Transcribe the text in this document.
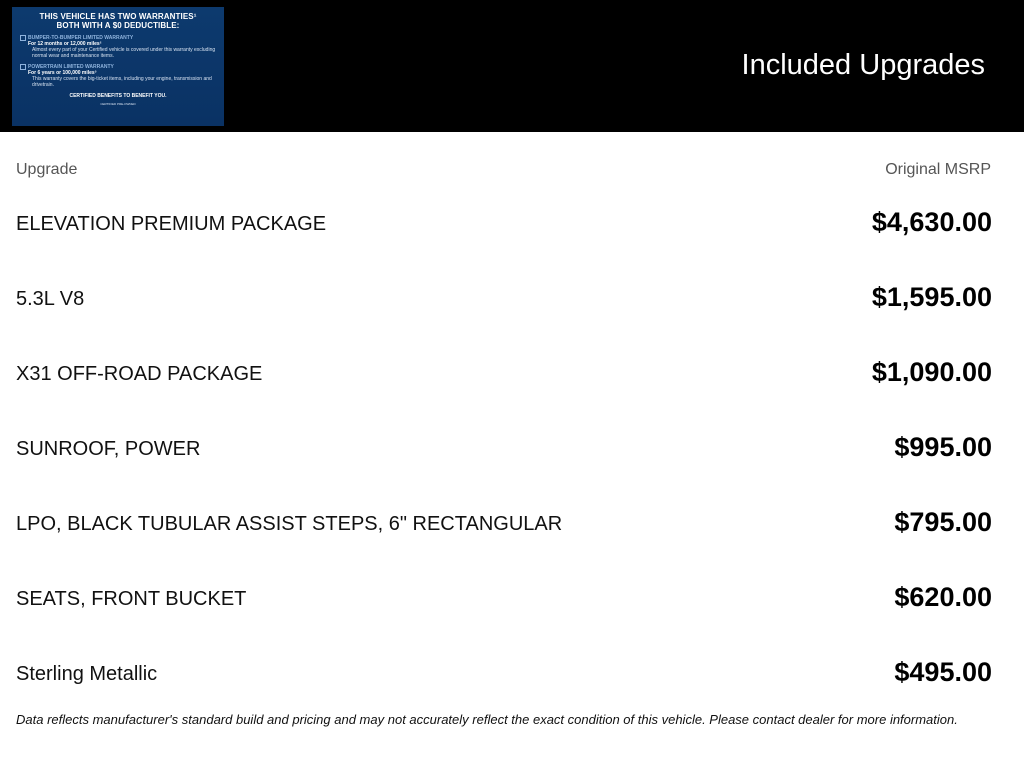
THIS VEHICLE HAS TWO WARRANTIES¹
BOTH WITH A $0 DEDUCTIBLE:
BUMPER-TO-BUMPER LIMITED WARRANTY
For 12 months or 12,000 miles²
Almost every part of your Certified vehicle is covered under this warranty excluding normal wear and maintenance items.
POWERTRAIN LIMITED WARRANTY
For 6 years or 100,000 miles³
This warranty covers the big-ticket items, including your engine, transmission and drivetrain.
CERTIFIED BENEFITS TO BENEFIT YOU.
CERTIFIED PRE-OWNED
Included Upgrades
Upgrade	Original MSRP
ELEVATION PREMIUM PACKAGE	$4,630.00
5.3L V8	$1,595.00
X31 OFF-ROAD PACKAGE	$1,090.00
SUNROOF, POWER	$995.00
LPO, BLACK TUBULAR ASSIST STEPS, 6" RECTANGULAR	$795.00
SEATS, FRONT BUCKET	$620.00
Sterling Metallic	$495.00
Data reflects manufacturer's standard build and pricing and may not accurately reflect the exact condition of this vehicle. Please contact dealer for more information.
